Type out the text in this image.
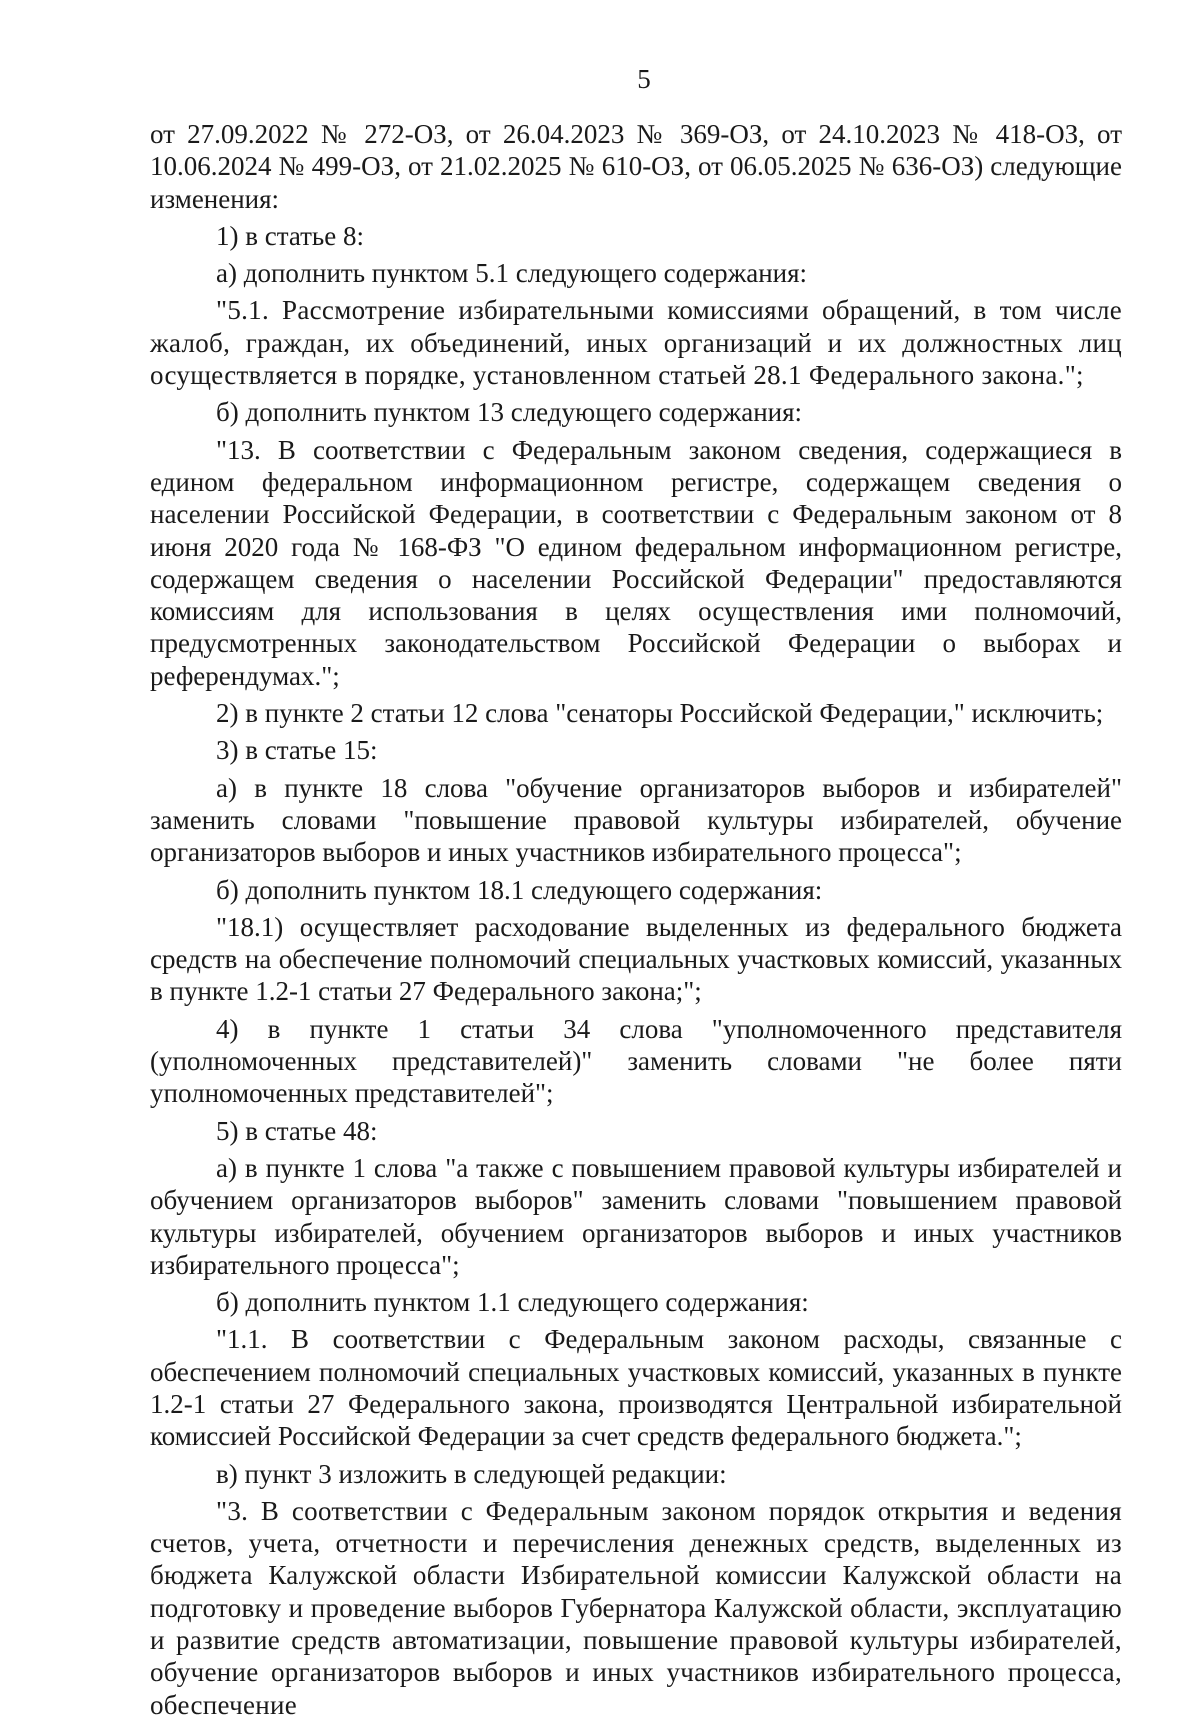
5

от 27.09.2022 № 272-ОЗ, от 26.04.2023 № 369-ОЗ, от 24.10.2023 № 418-ОЗ, от 10.06.2024 № 499-ОЗ, от 21.02.2025 № 610-ОЗ, от 06.05.2025 № 636-ОЗ) следующие изменения:

1) в статье 8:

а) дополнить пунктом 5.1 следующего содержания:

"5.1. Рассмотрение избирательными комиссиями обращений, в том числе жалоб, граждан, их объединений, иных организаций и их должностных лиц осуществляется в порядке, установленном статьей 28.1 Федерального закона.";

б) дополнить пунктом 13 следующего содержания:

"13. В соответствии с Федеральным законом сведения, содержащиеся в едином федеральном информационном регистре, содержащем сведения о населении Российской Федерации, в соответствии с Федеральным законом от 8 июня 2020 года № 168-ФЗ "О едином федеральном информационном регистре, содержащем сведения о населении Российской Федерации" предоставляются комиссиям для использования в целях осуществления ими полномочий, предусмотренных законодательством Российской Федерации о выборах и референдумах.";

2) в пункте 2 статьи 12 слова "сенаторы Российской Федерации," исключить;

3) в статье 15:

а) в пункте 18 слова "обучение организаторов выборов и избирателей" заменить словами "повышение правовой культуры избирателей, обучение организаторов выборов и иных участников избирательного процесса";

б) дополнить пунктом 18.1 следующего содержания:

"18.1) осуществляет расходование выделенных из федерального бюджета средств на обеспечение полномочий специальных участковых комиссий, указанных в пункте 1.2-1 статьи 27 Федерального закона;";

4) в пункте 1 статьи 34 слова "уполномоченного представителя (уполномоченных представителей)" заменить словами "не более пяти уполномоченных представителей";

5) в статье 48:

а) в пункте 1 слова "а также с повышением правовой культуры избирателей и обучением организаторов выборов" заменить словами "повышением правовой культуры избирателей, обучением организаторов выборов и иных участников избирательного процесса";

б) дополнить пунктом 1.1 следующего содержания:

"1.1. В соответствии с Федеральным законом расходы, связанные с обеспечением полномочий специальных участковых комиссий, указанных в пункте 1.2-1 статьи 27 Федерального закона, производятся Центральной избирательной комиссией Российской Федерации за счет средств федерального бюджета.";

в) пункт 3 изложить в следующей редакции:

"3. В соответствии с Федеральным законом порядок открытия и ведения счетов, учета, отчетности и перечисления денежных средств, выделенных из бюджета Калужской области Избирательной комиссии Калужской области на подготовку и проведение выборов Губернатора Калужской области, эксплуатацию и развитие средств автоматизации, повышение правовой культуры избирателей, обучение организаторов выборов и иных участников избирательного процесса, обеспечение
